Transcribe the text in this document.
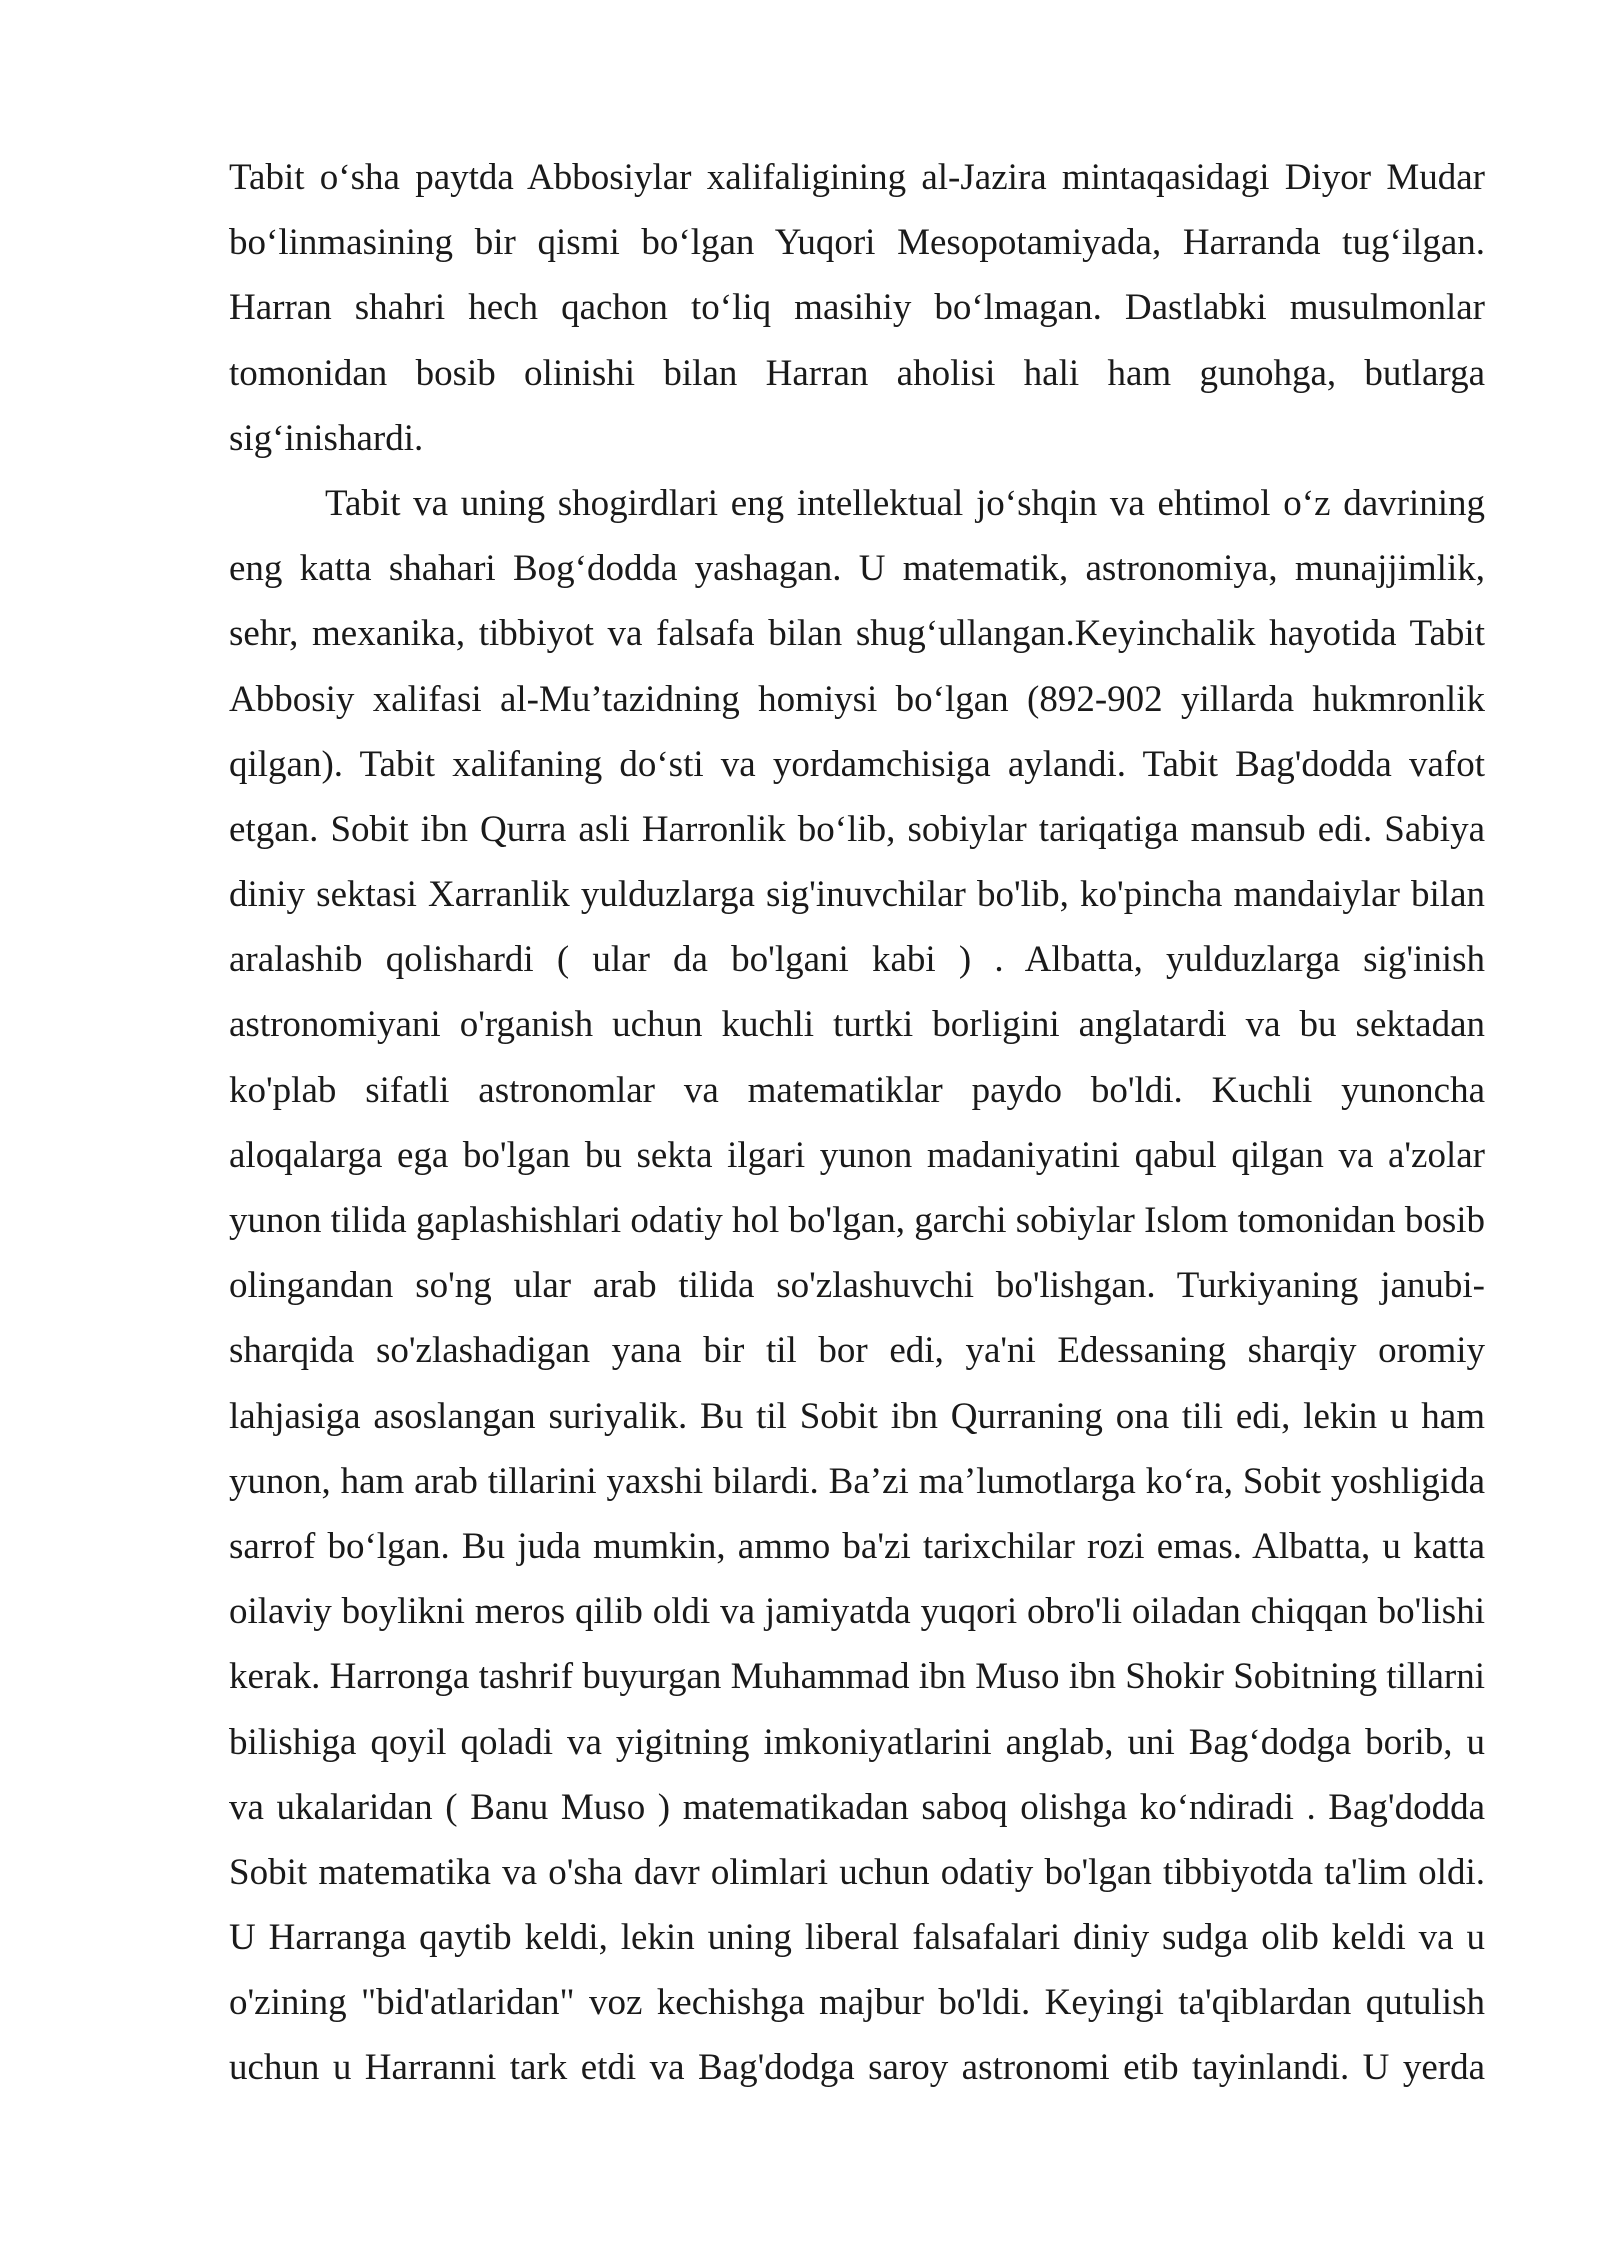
Tabit o‘sha paytda Abbosiylar xalifaligining al-Jazira mintaqasidagi Diyor Mudar
bo‘linmasining bir qismi bo‘lgan Yuqori Mesopotamiyada, Harranda tug‘ilgan.
Harran shahri hech qachon to‘liq masihiy bo‘lmagan. Dastlabki musulmonlar
tomonidan bosib olinishi bilan Harran aholisi hali ham gunohga, butlarga
sig‘inishardi.
Tabit va uning shogirdlari eng intellektual jo‘shqin va ehtimol o‘z davrining
eng katta shahari Bog‘dodda yashagan. U matematik, astronomiya, munajjimlik,
sehr, mexanika, tibbiyot va falsafa bilan shug‘ullangan.Keyinchalik hayotida Tabit
Abbosiy xalifasi al-Mu’tazidning homiysi bo‘lgan (892-902 yillarda hukmronlik
qilgan). Tabit xalifaning do‘sti va yordamchisiga aylandi. Tabit Bag'dodda vafot
etgan. Sobit ibn Qurra asli Harronlik bo‘lib, sobiylar tariqatiga mansub edi. Sabiya
diniy sektasi Xarranlik yulduzlarga sig'inuvchilar bo'lib, ko'pincha mandaiylar bilan
aralashib qolishardi ( ular da bo'lgani kabi ) . Albatta, yulduzlarga sig'inish
astronomiyani o'rganish uchun kuchli turtki borligini anglatardi va bu sektadan
ko'plab sifatli astronomlar va matematiklar paydo bo'ldi. Kuchli yunoncha
aloqalarga ega bo'lgan bu sekta ilgari yunon madaniyatini qabul qilgan va a'zolar
yunon tilida gaplashishlari odatiy hol bo'lgan, garchi sobiylar Islom tomonidan bosib
olingandan so'ng ular arab tilida so'zlashuvchi bo'lishgan. Turkiyaning janubi-
sharqida so'zlashadigan yana bir til bor edi, ya'ni Edessaning sharqiy oromiy
lahjasiga asoslangan suriyalik. Bu til Sobit ibn Qurraning ona tili edi, lekin u ham
yunon, ham arab tillarini yaxshi bilardi. Ba’zi ma’lumotlarga ko‘ra, Sobit yoshligida
sarrof bo‘lgan. Bu juda mumkin, ammo ba'zi tarixchilar rozi emas. Albatta, u katta
oilaviy boylikni meros qilib oldi va jamiyatda yuqori obro'li oiladan chiqqan bo'lishi
kerak. Harronga tashrif buyurgan Muhammad ibn Muso ibn Shokir Sobitning tillarni
bilishiga qoyil qoladi va yigitning imkoniyatlarini anglab, uni Bag‘dodga borib, u
va ukalaridan ( Banu Muso ) matematikadan saboq olishga ko‘ndiradi . Bag'dodda
Sobit matematika va o'sha davr olimlari uchun odatiy bo'lgan tibbiyotda ta'lim oldi.
U Harranga qaytib keldi, lekin uning liberal falsafalari diniy sudga olib keldi va u
o'zining "bid'atlaridan" voz kechishga majbur bo'ldi. Keyingi ta'qiblardan qutulish
uchun u Harranni tark etdi va Bag'dodga saroy astronomi etib tayinlandi. U yerda
